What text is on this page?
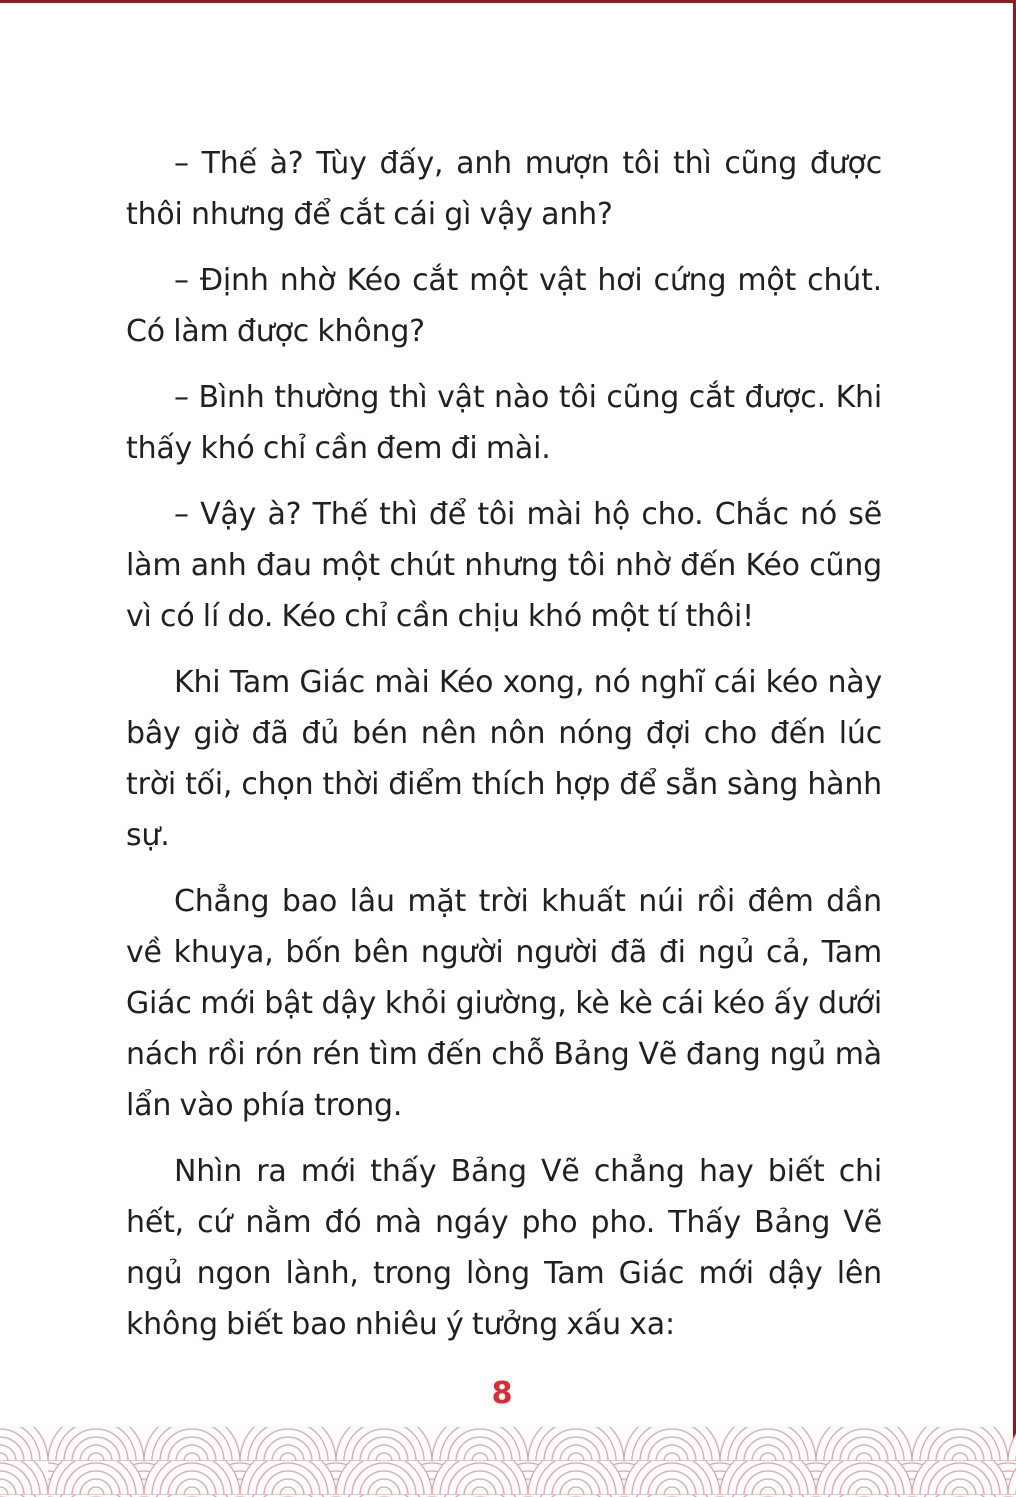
– Thế à? Tùy đấy, anh mượn tôi thì cũng được thôi nhưng để cắt cái gì vậy anh?

– Định nhờ Kéo cắt một vật hơi cứng một chút. Có làm được không?

– Bình thường thì vật nào tôi cũng cắt được. Khi thấy khó chỉ cần đem đi mài.

– Vậy à? Thế thì để tôi mài hộ cho. Chắc nó sẽ làm anh đau một chút nhưng tôi nhờ đến Kéo cũng vì có lí do. Kéo chỉ cần chịu khó một tí thôi!

Khi Tam Giác mài Kéo xong, nó nghĩ cái kéo này bây giờ đã đủ bén nên nôn nóng đợi cho đến lúc trời tối, chọn thời điểm thích hợp để sẵn sàng hành sự.

Chẳng bao lâu mặt trời khuất núi rồi đêm dần về khuya, bốn bên người người đã đi ngủ cả, Tam Giác mới bật dậy khỏi giường, kè kè cái kéo ấy dưới nách rồi rón rén tìm đến chỗ Bảng Vẽ đang ngủ mà lẩn vào phía trong.

Nhìn ra mới thấy Bảng Vẽ chẳng hay biết chi hết, cứ nằm đó mà ngáy pho pho. Thấy Bảng Vẽ ngủ ngon lành, trong lòng Tam Giác mới dậy lên không biết bao nhiêu ý tưởng xấu xa:

8
